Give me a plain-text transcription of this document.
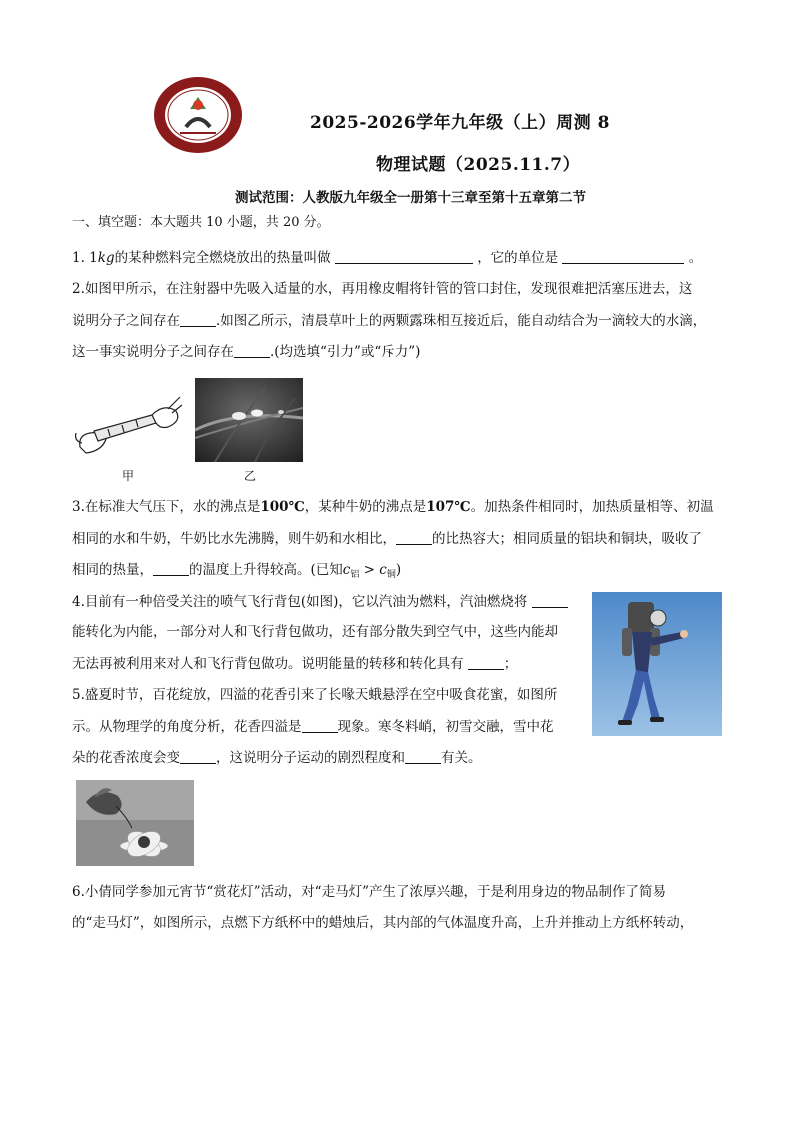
2025-2026学年九年级（上）周测 8
物理试题（2025.11.7）
测试范围：人教版九年级全一册第十三章至第十五章第二节
一、填空题：本大题共 10 小题，共 20 分。
1. 1kg的某种燃料完全燃烧放出的热量叫做	，它的单位是	。
2.如图甲所示，在注射器中先吸入适量的水，再用橡皮帽将针管的管口封住，发现很难把活塞压进去，这
说明分子之间存在	.如图乙所示，清晨草叶上的两颗露珠相互接近后，能自动结合为一滴较大的水滴，
这一事实说明分子之间存在	.(均选填“引力”或“斥力”)
甲	乙
3.在标准大气压下，水的沸点是100℃，某种牛奶的沸点是107℃。加热条件相同时，加热质量相等、初温
相同的水和牛奶，牛奶比水先沸腾，则牛奶和水相比，	的比热容大；相同质量的铝块和铜块，吸收了
相同的热量，	的温度上升得较高。(已知$c_铝 > c_铜$)
4.目前有一种倍受关注的喷气飞行背包(如图)，它以汽油为燃料，汽油燃烧将
能转化为内能，一部分对人和飞行背包做功，还有部分散失到空气中，这些内能却
无法再被利用来对人和飞行背包做功。说明能量的转移和转化具有	；
5.盛夏时节，百花绽放，四溢的花香引来了长喙天蛾悬浮在空中吸食花蜜，如图所
示。从物理学的角度分析，花香四溢是	现象。寒冬料峭，初雪交融，雪中花
朵的花香浓度会变	，这说明分子运动的剧烈程度和	有关。
6.小倩同学参加元宵节“赏花灯”活动，对“走马灯”产生了浓厚兴趣，于是利用身边的物品制作了简易
的“走马灯”，如图所示，点燃下方纸杯中的蜡烛后，其内部的气体温度升高，上升并推动上方纸杯转动，
